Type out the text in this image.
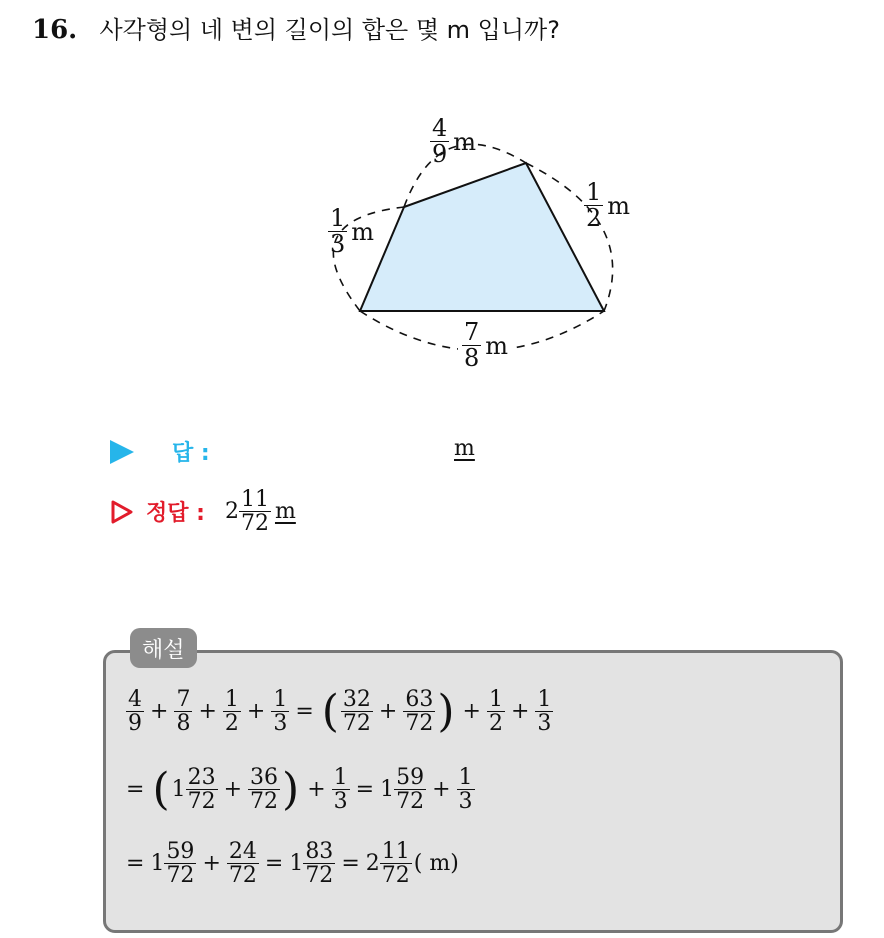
16. 사각형의 네 변의 길이의 합은 몇 m 입니까?
$\frac{4}{9}$ m
$\frac{1}{2}$ m
$\frac{1}{3}$ m
$\frac{7}{8}$ m
답 :	m
정답 : $2 \frac{11}{72}$ m
해설
$\frac{4}{9} + \frac{7}{8} + \frac{1}{2} + \frac{1}{3}$ = ( $\frac{32}{72} + \frac{63}{72}$ ) + $\frac{1}{2} + \frac{1}{3}$
= ( $1 \frac{23}{72} + \frac{36}{72}$ ) + $\frac{1}{3} = 1 \frac{59}{72} + \frac{1}{3}$
= $1 \frac{59}{72} + \frac{24}{72} = 1 \frac{83}{72} = 2 \frac{11}{72}$ ( m)
